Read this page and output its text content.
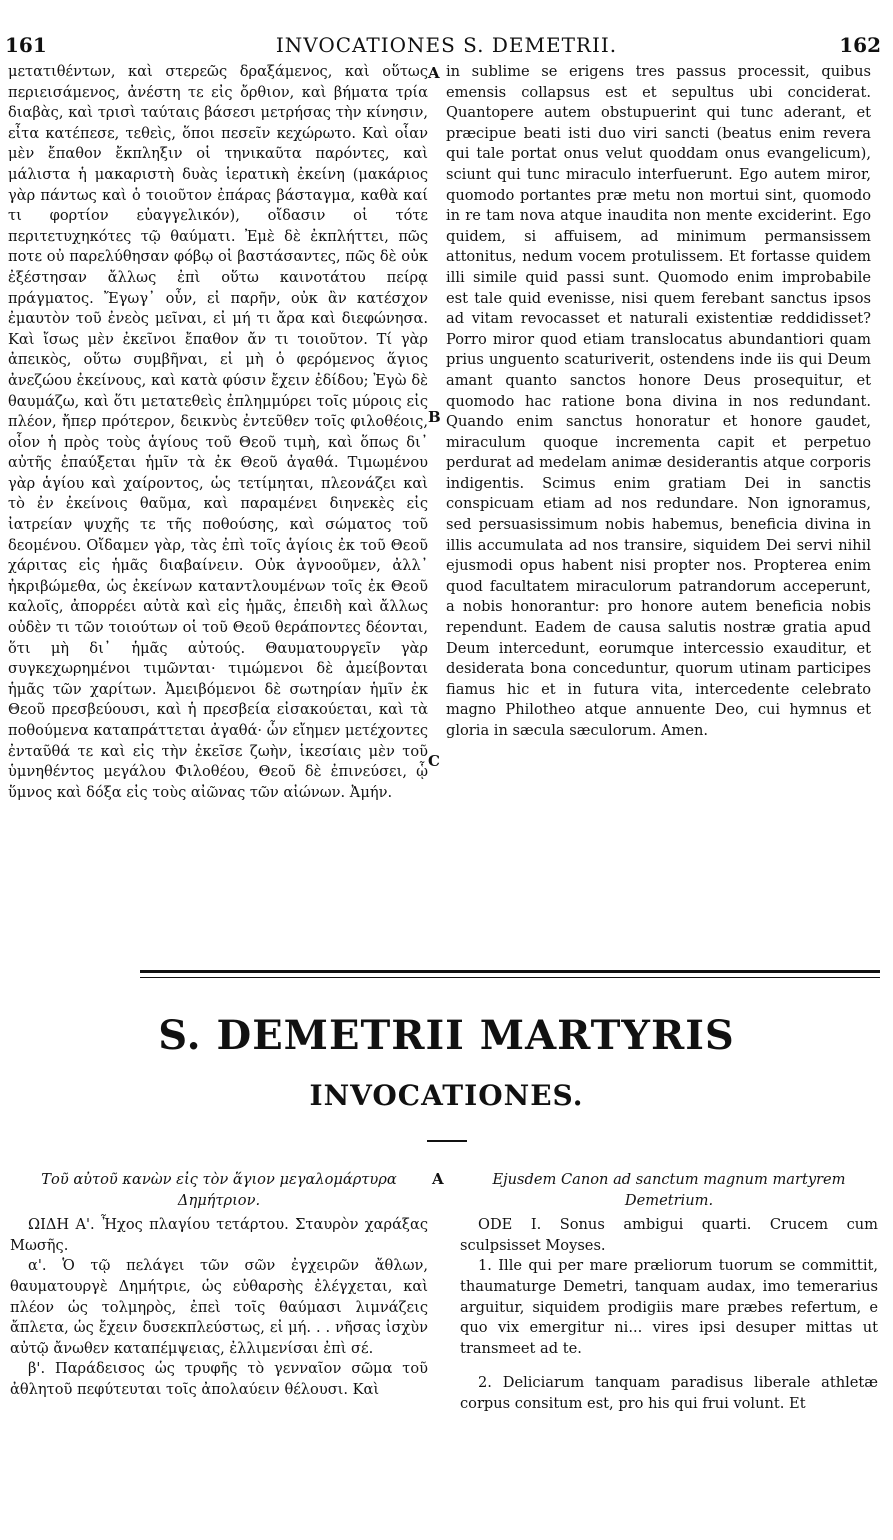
161	INVOCATIONES S. DEMETRII.	162
μετατιθέντων, καὶ στερεῶς δραξάμενος, καὶ οὕτως περιεισάμενος, ἀνέστη τε εἰς ὄρθιον, καὶ βήματα τρία διαβὰς, καὶ τρισὶ ταύταις βάσεσι μετρήσας τὴν κίνησιν, εἶτα κατέπεσε, τεθεὶς, ὅποι πεσεῖν κεχώρωτο. Καὶ οἷαν μὲν ἔπαθον ἔκπληξιν οἱ τηνικαῦτα παρόντες, καὶ μάλιστα ἡ μακαριστὴ δυὰς ἱερατικὴ ἐκείνη (μακάριος γὰρ πάντως καὶ ὁ τοιοῦτον ἐπάρας βάσταγμα, καθὰ καί τι φορτίον εὐαγγελικόν), οἴδασιν οἱ τότε περιτετυχηκότες τῷ θαύματι. Ἐμὲ δὲ ἐκπλήττει, πῶς ποτε οὐ παρελύθησαν φόβῳ οἱ βαστάσαντες, πῶς δὲ οὐκ ἐξέστησαν ἄλλως ἐπὶ οὕτω καινοτάτου πείρᾳ πράγματος. Ἔγωγ᾽ οὖν, εἰ παρῆν, οὐκ ἂν κατέσχον ἐμαυτὸν τοῦ ἐνεὸς μεῖναι, εἰ μή τι ἄρα καὶ διεφώνησα. Καὶ ἴσως μὲν ἐκεῖνοι ἔπαθον ἄν τι τοιοῦτον. Τί γὰρ ἀπεικὸς, οὕτω συμβῆναι, εἰ μὴ ὁ φερόμενος ἅγιος ἀνεζώου ἐκείνους, καὶ κατὰ φύσιν ἔχειν ἐδίδου; Ἐγὼ δὲ θαυμάζω, καὶ ὅτι μετατεθεὶς ἐπλημμύρει τοῖς μύροις εἰς πλέον, ἤπερ πρότερον, δεικνὺς ἐντεῦθεν τοῖς φιλοθέοις, οἷον ἡ πρὸς τοὺς ἁγίους τοῦ Θεοῦ τιμὴ, καὶ ὅπως δι᾽ αὐτῆς ἐπαύξεται ἡμῖν τὰ ἐκ Θεοῦ ἀγαθά. Τιμωμένου γὰρ ἁγίου καὶ χαίροντος, ὡς τετίμηται, πλεονάζει καὶ τὸ ἐν ἐκείνοις θαῦμα, καὶ παραμένει διηνεκὲς εἰς ἰατρείαν ψυχῆς τε τῆς ποθούσης, καὶ σώματος τοῦ δεομένου. Οἴδαμεν γὰρ, τὰς ἐπὶ τοῖς ἁγίοις ἐκ τοῦ Θεοῦ χάριτας εἰς ἡμᾶς διαβαίνειν. Οὐκ ἀγνοοῦμεν, ἀλλ᾽ ἠκριβώμεθα, ὡς ἐκείνων καταντλουμένων τοῖς ἐκ Θεοῦ καλοῖς, ἀπορρέει αὐτὰ καὶ εἰς ἡμᾶς, ἐπειδὴ καὶ ἄλλως οὐδὲν τι τῶν τοιούτων οἱ τοῦ Θεοῦ θεράποντες δέονται, ὅτι μὴ δι᾽ ἡμᾶς αὐτούς. Θαυματουργεῖν γὰρ συγκεχωρημένοι τιμῶνται· τιμώμενοι δὲ ἀμείβονται ἡμᾶς τῶν χαρίτων. Ἀμειβόμενοι δὲ σωτηρίαν ἡμῖν ἐκ Θεοῦ πρεσβεύουσι, καὶ ἡ πρεσβεία εἰσακούεται, καὶ τὰ ποθούμενα καταπράττεται ἀγαθά· ὧν εἴημεν μετέχοντες ἐνταῦθά τε καὶ εἰς τὴν ἐκεῖσε ζωὴν, ἱκεσίαις μὲν τοῦ ὑμνηθέντος μεγάλου Φιλοθέου, Θεοῦ δὲ ἐπινεύσει, ᾧ ὕμνος καὶ δόξα εἰς τοὺς αἰῶνας τῶν αἰώνων. Ἀμήν.
in sublime se erigens tres passus processit, quibus emensis collapsus est et sepultus ubi conciderat. Quantopere autem obstupuerint qui tunc aderant, et præcipue beati isti duo viri sancti (beatus enim revera qui tale portat onus velut quoddam onus evangelicum), sciunt qui tunc miraculo interfuerunt. Ego autem miror, quomodo portantes præ metu non mortui sint, quomodo in re tam nova atque inaudita non mente exciderint. Ego quidem, si affuisem, ad minimum permansissem attonitus, nedum vocem protulissem. Et fortasse quidem illi simile quid passi sunt. Quomodo enim improbabile est tale quid evenisse, nisi quem ferebant sanctus ipsos ad vitam revocasset et naturali existentiæ reddidisset? Porro miror quod etiam translocatus abundantiori quam prius unguento scaturiverit, ostendens inde iis qui Deum amant quanto sanctos honore Deus prosequitur, et quomodo hac ratione bona divina in nos redundant. Quando enim sanctus honoratur et honore gaudet, miraculum quoque incrementa capit et perpetuo perdurat ad medelam animæ desiderantis atque corporis indigentis. Scimus enim gratiam Dei in sanctis conspicuam etiam ad nos redundare. Non ignoramus, sed persuasissimum nobis habemus, beneficia divina in illis accumulata ad nos transire, siquidem Dei servi nihil ejusmodi opus habent nisi propter nos. Propterea enim quod facultatem miraculorum patrandorum acceperunt, a nobis honorantur: pro honore autem beneficia nobis rependunt. Eadem de causa salutis nostræ gratia apud Deum intercedunt, eorumque intercessio exauditur, et desiderata bona conceduntur, quorum utinam participes fiamus hic et in futura vita, intercedente celebrato magno Philotheo atque annuente Deo, cui hymnus et gloria in sæcula sæculorum. Amen.
A
B
C
S. DEMETRII MARTYRIS
INVOCATIONES.
A

Τοῦ αὐτοῦ κανὼν εἰς τὸν ἅγιον μεγαλομάρτυρα Δημήτριον.

ΩΙΔΗ Α'. Ἦχος πλαγίου τετάρτου. Σταυρὸν χαράξας Μωσῆς.

α'. Ὁ τῷ πελάγει τῶν σῶν ἐγχειρῶν ἄθλων, θαυματουργὲ Δημήτριε, ὡς εὐθαρσὴς ἐλέγχεται, καὶ πλέον ὡς τολμηρὸς, ἐπεὶ τοῖς θαύμασι λιμνάζεις ἄπλετα, ὡς ἔχειν δυσεκπλεύστως, εἰ μή. . . νῆσας ἰσχὺν αὐτῷ ἄνωθεν καταπέμψειας, ἐλλιμενίσαι ἐπὶ σέ.

β'. Παράδεισος ὡς τρυφῆς τὸ γενναῖον σῶμα τοῦ ἀθλητοῦ πεφύτευται τοῖς ἀπολαύειν θέλουσι. Καὶ

Ejusdem Canon ad sanctum magnum martyrem Demetrium.

ODE I. Sonus ambigui quarti. Crucem cum sculpsisset Moyses.

1. Ille qui per mare præliorum tuorum se committit, thaumaturge Demetri, tanquam audax, imo temerarius arguitur, siquidem prodigiis mare præbes refertum, e quo vix emergitur ni... vires ipsi desuper mittas ut transmeet ad te.

2. Deliciarum tanquam paradisus liberale athletæ corpus consitum est, pro his qui frui volunt. Et
